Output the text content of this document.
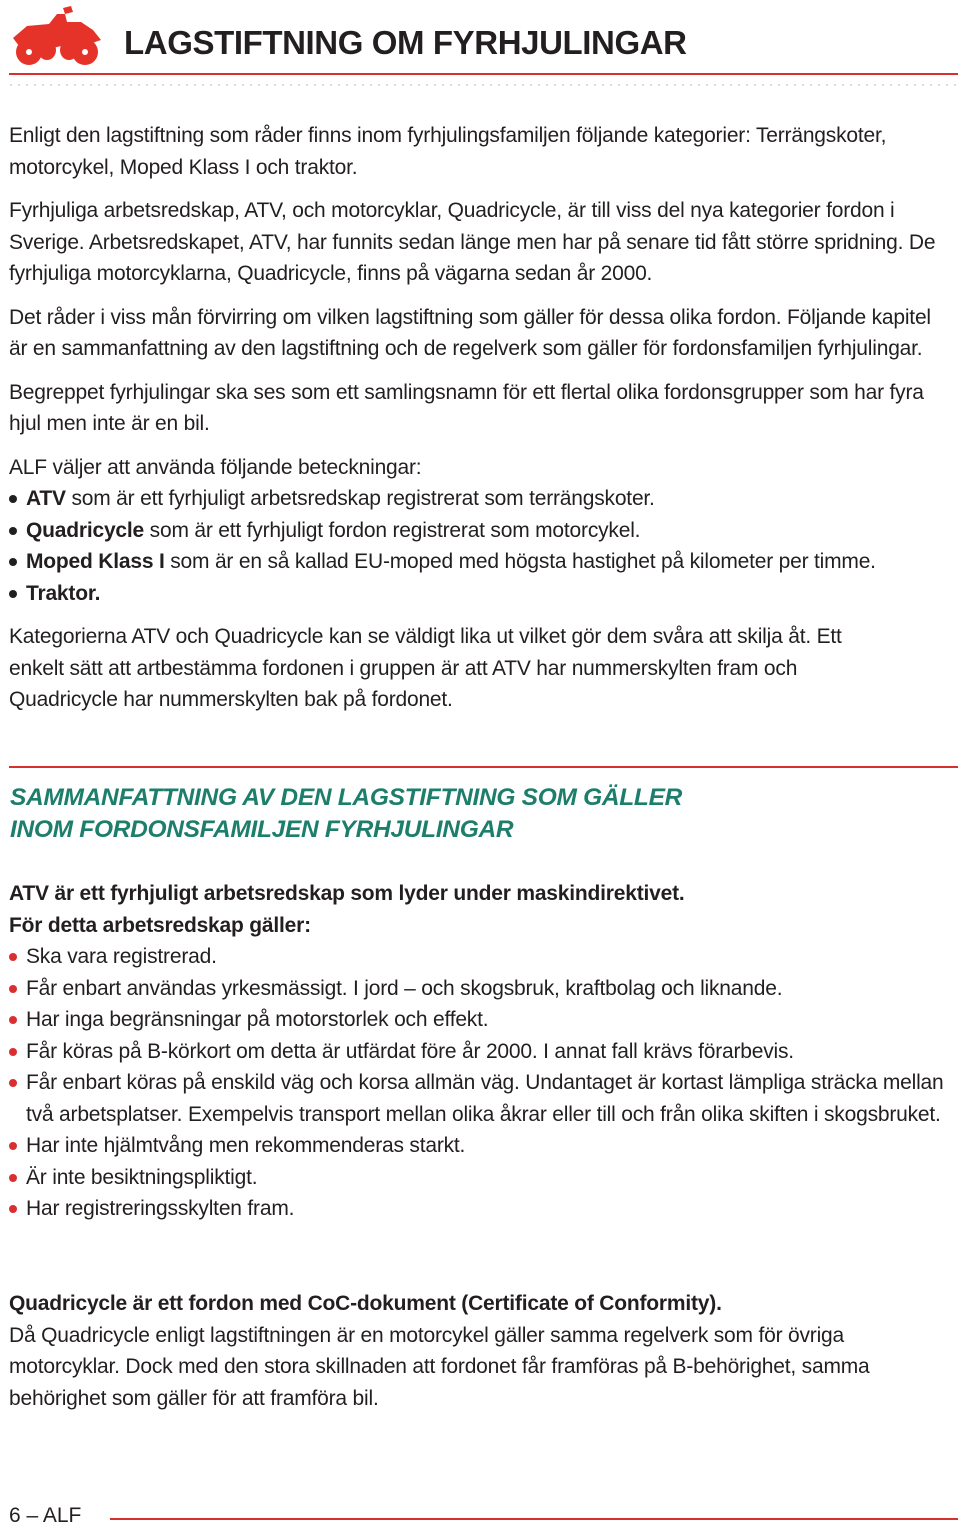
LAGSTIFTNING OM FYRHJULINGAR

Enligt den lagstiftning som råder finns inom fyrhjulingsfamiljen följande kategorier: Terrängskoter, motorcykel, Moped Klass I och traktor.

Fyrhjuliga arbetsredskap, ATV, och motorcyklar, Quadricycle, är till viss del nya kategorier fordon i Sverige. Arbetsredskapet, ATV, har funnits sedan länge men har på senare tid fått större spridning. De fyrhjuliga motorcyklarna, Quadricycle, finns på vägarna sedan år 2000.

Det råder i viss mån förvirring om vilken lagstiftning som gäller för dessa olika fordon. Följande kapitel är en sammanfattning av den lagstiftning och de regelverk som gäller för fordonsfamiljen fyrhjulingar.

Begreppet fyrhjulingar ska ses som ett samlingsnamn för ett flertal olika fordonsgrupper som har fyra hjul men inte är en bil.

ALF väljer att använda följande beteckningar:

ATV som är ett fyrhjuligt arbetsredskap registrerat som terrängskoter.
Quadricycle som är ett fyrhjuligt fordon registrerat som motorcykel.
Moped Klass I som är en så kallad EU-moped med högsta hastighet på kilometer per timme.
Traktor.

Kategorierna ATV och Quadricycle kan se väldigt lika ut vilket gör dem svåra att skilja åt. Ett enkelt sätt att artbestämma fordonen i gruppen är att ATV har nummerskylten fram och Quadricycle har nummerskylten bak på fordonet.

SAMMANFATTNING AV DEN LAGSTIFTNING SOM GÄLLER
INOM FORDONSFAMILJEN FYRHJULINGAR

ATV är ett fyrhjuligt arbetsredskap som lyder under maskindirektivet.

För detta arbetsredskap gäller:

Ska vara registrerad.
Får enbart användas yrkesmässigt. I jord – och skogsbruk, kraftbolag och liknande.
Har inga begränsningar på motorstorlek och effekt.
Får köras på B-körkort om detta är utfärdat före år 2000. I annat fall krävs förarbevis.
Får enbart köras på enskild väg och korsa allmän väg. Undantaget är kortast lämpliga sträcka mellan två arbetsplatser. Exempelvis transport mellan olika åkrar eller till och från olika skiften i skogsbruket.
Har inte hjälmtvång men rekommenderas starkt.
Är inte besiktningspliktigt.
Har registreringsskylten fram.

Quadricycle är ett fordon med CoC-dokument (Certificate of Conformity).

Då Quadricycle enligt lagstiftningen är en motorcykel gäller samma regelverk som för övriga motorcyklar. Dock med den stora skillnaden att fordonet får framföras på B-behörighet, samma behörighet som gäller för att framföra bil.

6 – ALF
